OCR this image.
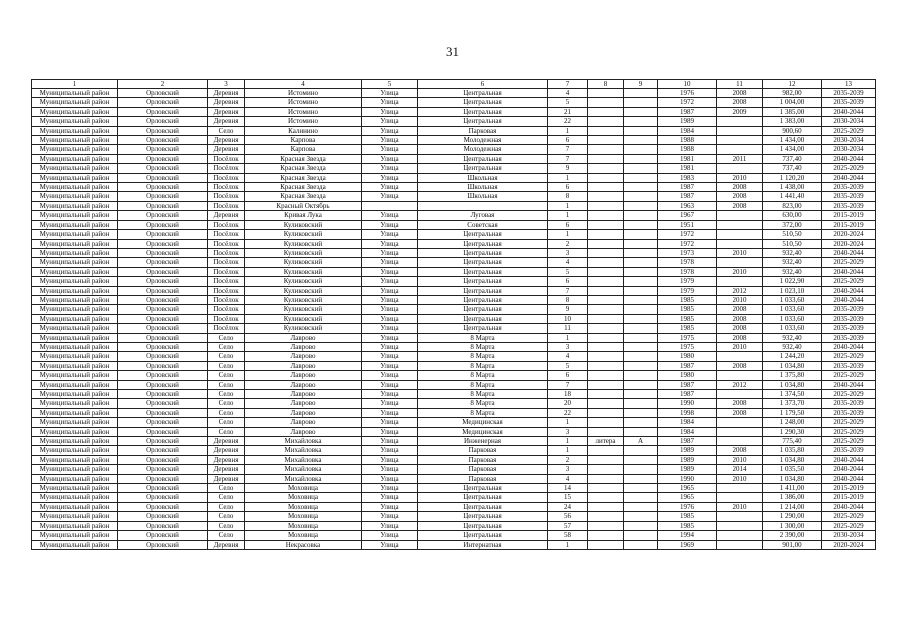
31
1	2	3	4	5	6	7	8	9	10	11	12	13
Муниципальный район	Орловский	Деревня	Истомино	Улица	Центральная	4			1976	2008	982,00	2035-2039
Муниципальный район	Орловский	Деревня	Истомино	Улица	Центральная	5			1972	2008	1 004,00	2035-2039
Муниципальный район	Орловский	Деревня	Истомино	Улица	Центральная	21			1987	2009	1 385,00	2040-2044
Муниципальный район	Орловский	Деревня	Истомино	Улица	Центральная	22			1989		1 383,00	2030-2034
Муниципальный район	Орловский	Село	Калинино	Улица	Парковая	1			1984		900,60	2025-2029
Муниципальный район	Орловский	Деревня	Карпова	Улица	Молодежная	6			1988		1 434,00	2030-2034
Муниципальный район	Орловский	Деревня	Карпова	Улица	Молодежная	7			1988		1 434,00	2030-2034
Муниципальный район	Орловский	Посёлок	Красная Звезда	Улица	Центральная	7			1981	2011	737,40	2040-2044
Муниципальный район	Орловский	Посёлок	Красная Звезда	Улица	Центральная	9			1981		737,40	2025-2029
Муниципальный район	Орловский	Посёлок	Красная Звезда	Улица	Школьная	1			1983	2010	1 120,20	2040-2044
Муниципальный район	Орловский	Посёлок	Красная Звезда	Улица	Школьная	6			1987	2008	1 438,00	2035-2039
Муниципальный район	Орловский	Посёлок	Красная Звезда	Улица	Школьная	8			1987	2008	1 441,40	2035-2039
Муниципальный район	Орловский	Посёлок	Красный Октябрь			1			1963	2008	823,00	2035-2039
Муниципальный район	Орловский	Деревня	Кривая Лука	Улица	Луговая	1			1967		630,00	2015-2019
Муниципальный район	Орловский	Посёлок	Куликовский	Улица	Советская	6			1951		372,00	2015-2019
Муниципальный район	Орловский	Посёлок	Куликовский	Улица	Центральная	1			1972		510,50	2020-2024
Муниципальный район	Орловский	Посёлок	Куликовский	Улица	Центральная	2			1972		510,50	2020-2024
Муниципальный район	Орловский	Посёлок	Куликовский	Улица	Центральная	3			1973	2010	932,40	2040-2044
Муниципальный район	Орловский	Посёлок	Куликовский	Улица	Центральная	4			1978		932,40	2025-2029
Муниципальный район	Орловский	Посёлок	Куликовский	Улица	Центральная	5			1978	2010	932,40	2040-2044
Муниципальный район	Орловский	Посёлок	Куликовский	Улица	Центральная	6			1979		1 022,90	2025-2029
Муниципальный район	Орловский	Посёлок	Куликовский	Улица	Центральная	7			1979	2012	1 023,10	2040-2044
Муниципальный район	Орловский	Посёлок	Куликовский	Улица	Центральная	8			1985	2010	1 033,60	2040-2044
Муниципальный район	Орловский	Посёлок	Куликовский	Улица	Центральная	9			1985	2008	1 033,60	2035-2039
Муниципальный район	Орловский	Посёлок	Куликовский	Улица	Центральная	10			1985	2008	1 033,60	2035-2039
Муниципальный район	Орловский	Посёлок	Куликовский	Улица	Центральная	11			1985	2008	1 033,60	2035-2039
Муниципальный район	Орловский	Село	Лаврово	Улица	8 Марта	1			1975	2008	932,40	2035-2039
Муниципальный район	Орловский	Село	Лаврово	Улица	8 Марта	3			1975	2010	932,40	2040-2044
Муниципальный район	Орловский	Село	Лаврово	Улица	8 Марта	4			1980		1 244,20	2025-2029
Муниципальный район	Орловский	Село	Лаврово	Улица	8 Марта	5			1987	2008	1 034,80	2035-2039
Муниципальный район	Орловский	Село	Лаврово	Улица	8 Марта	6			1980		1 375,80	2025-2029
Муниципальный район	Орловский	Село	Лаврово	Улица	8 Марта	7			1987	2012	1 034,80	2040-2044
Муниципальный район	Орловский	Село	Лаврово	Улица	8 Марта	18			1987		1 374,50	2025-2029
Муниципальный район	Орловский	Село	Лаврово	Улица	8 Марта	20			1990	2008	1 373,70	2035-2039
Муниципальный район	Орловский	Село	Лаврово	Улица	8 Марта	22			1998	2008	1 179,50	2035-2039
Муниципальный район	Орловский	Село	Лаврово	Улица	Медицинская	1			1984		1 248,00	2025-2029
Муниципальный район	Орловский	Село	Лаврово	Улица	Медицинская	3			1984		1 290,30	2025-2029
Муниципальный район	Орловский	Деревня	Михайловка	Улица	Инженерная	1	литера	А	1987		775,40	2025-2029
Муниципальный район	Орловский	Деревня	Михайловка	Улица	Парковая	1			1989	2008	1 035,80	2035-2039
Муниципальный район	Орловский	Деревня	Михайловка	Улица	Парковая	2			1989	2010	1 034,80	2040-2044
Муниципальный район	Орловский	Деревня	Михайловка	Улица	Парковая	3			1989	2014	1 035,50	2040-2044
Муниципальный район	Орловский	Деревня	Михайловка	Улица	Парковая	4			1990	2010	1 034,80	2040-2044
Муниципальный район	Орловский	Село	Моховица	Улица	Центральная	14			1965		1 411,00	2015-2019
Муниципальный район	Орловский	Село	Моховица	Улица	Центральная	15			1965		1 386,00	2015-2019
Муниципальный район	Орловский	Село	Моховица	Улица	Центральная	24			1976	2010	1 214,00	2040-2044
Муниципальный район	Орловский	Село	Моховица	Улица	Центральная	56			1985		1 290,00	2025-2029
Муниципальный район	Орловский	Село	Моховица	Улица	Центральная	57			1985		1 300,00	2025-2029
Муниципальный район	Орловский	Село	Моховица	Улица	Центральная	58			1994		2 390,00	2030-2034
Муниципальный район	Орловский	Деревня	Некрасовка	Улица	Интернатная	1			1969		901,00	2020-2024
